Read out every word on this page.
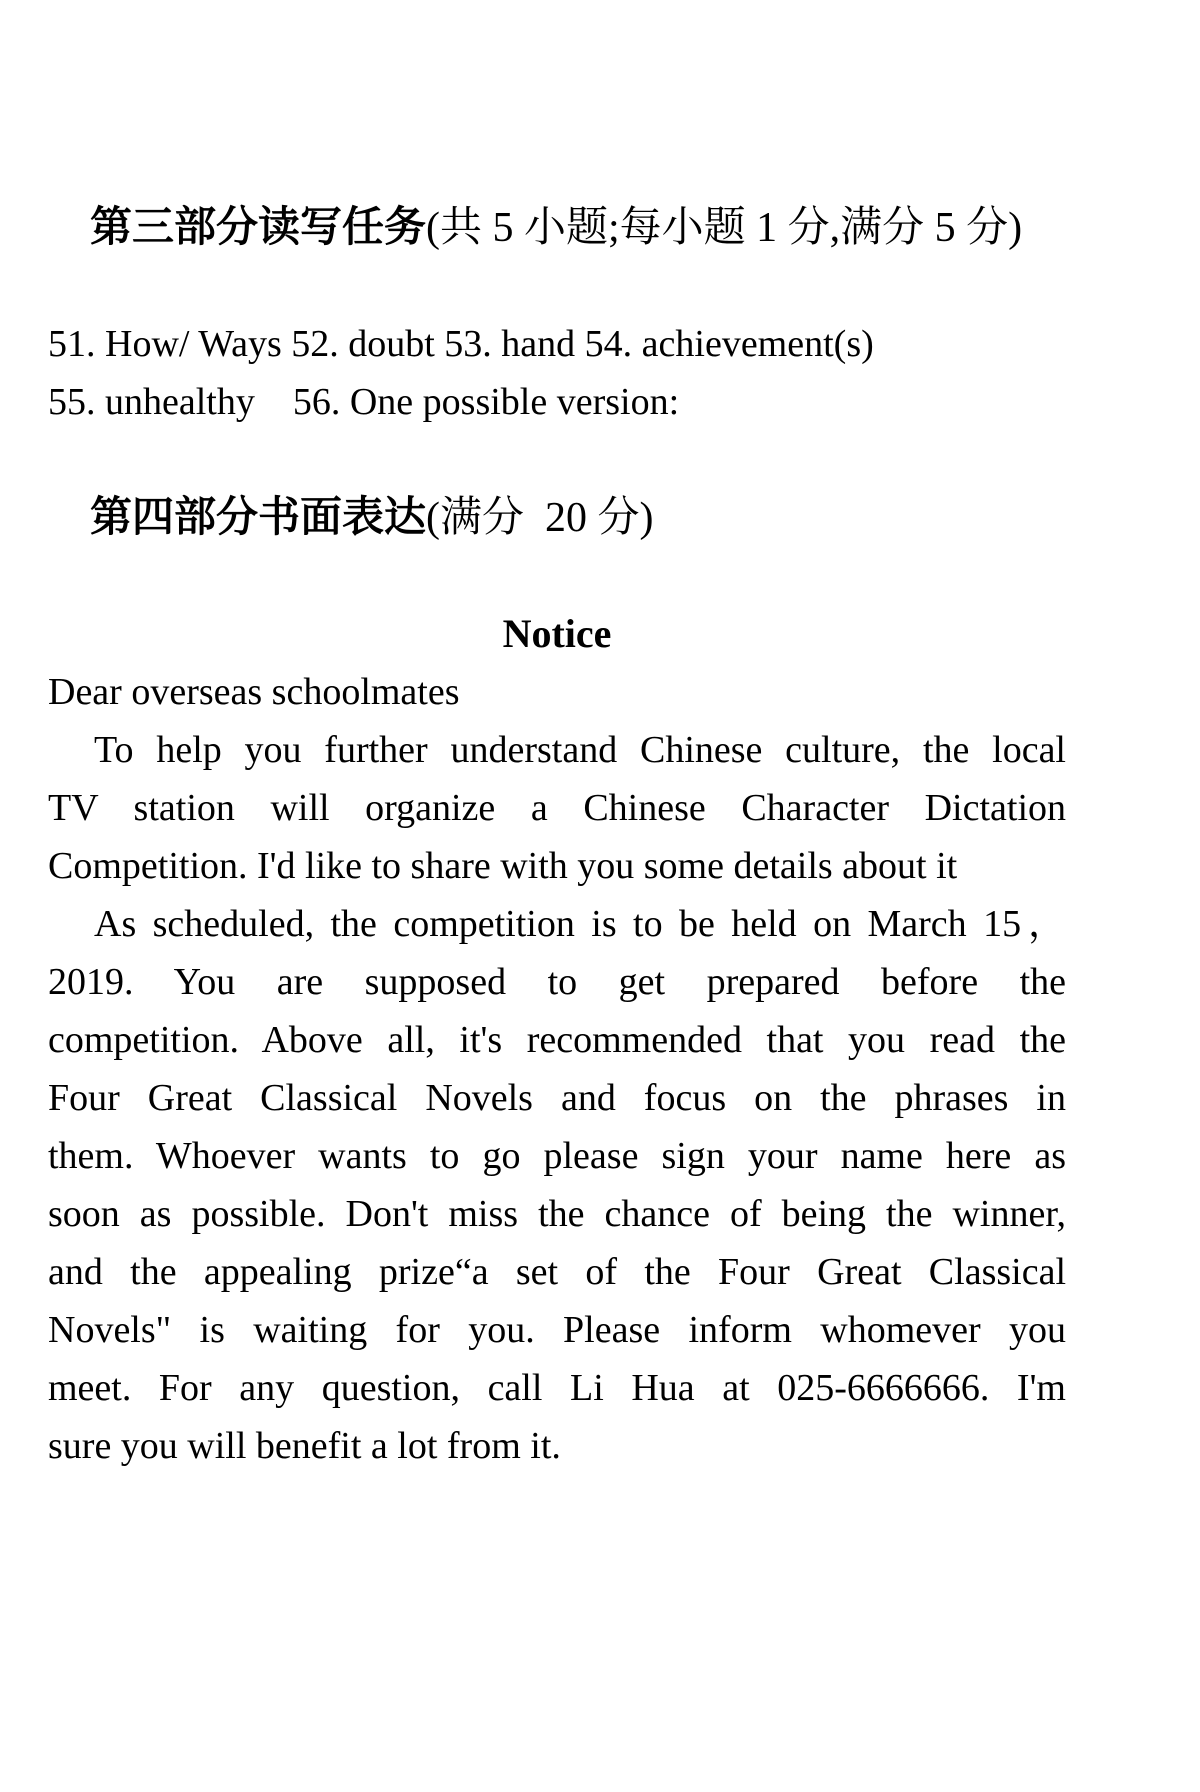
第三部分读写任务(共 5 小题;每小题 1 分,满分 5 分)

51. How/ Ways 52. doubt 53. hand 54. achievement(s)
55. unhealthy    56. One possible version:

第四部分书面表达(满分  20 分)

Notice
Dear overseas schoolmates
To help you further understand Chinese culture, the local
TV station will organize a Chinese Character Dictation
Competition. I'd like to share with you some details about it
As scheduled, the competition is to be held on March 15，
2019. You are supposed to get prepared before the
competition. Above all, it's recommended that you read the
Four Great Classical Novels and focus on the phrases in
them. Whoever wants to go please sign your name here as
soon as possible. Don't miss the chance of being the winner,
and the appealing prize“a set of the Four Great Classical
Novels" is waiting for you. Please inform whomever you
meet. For any question, call Li Hua at 025-6666666. I'm
sure you will benefit a lot from it.
